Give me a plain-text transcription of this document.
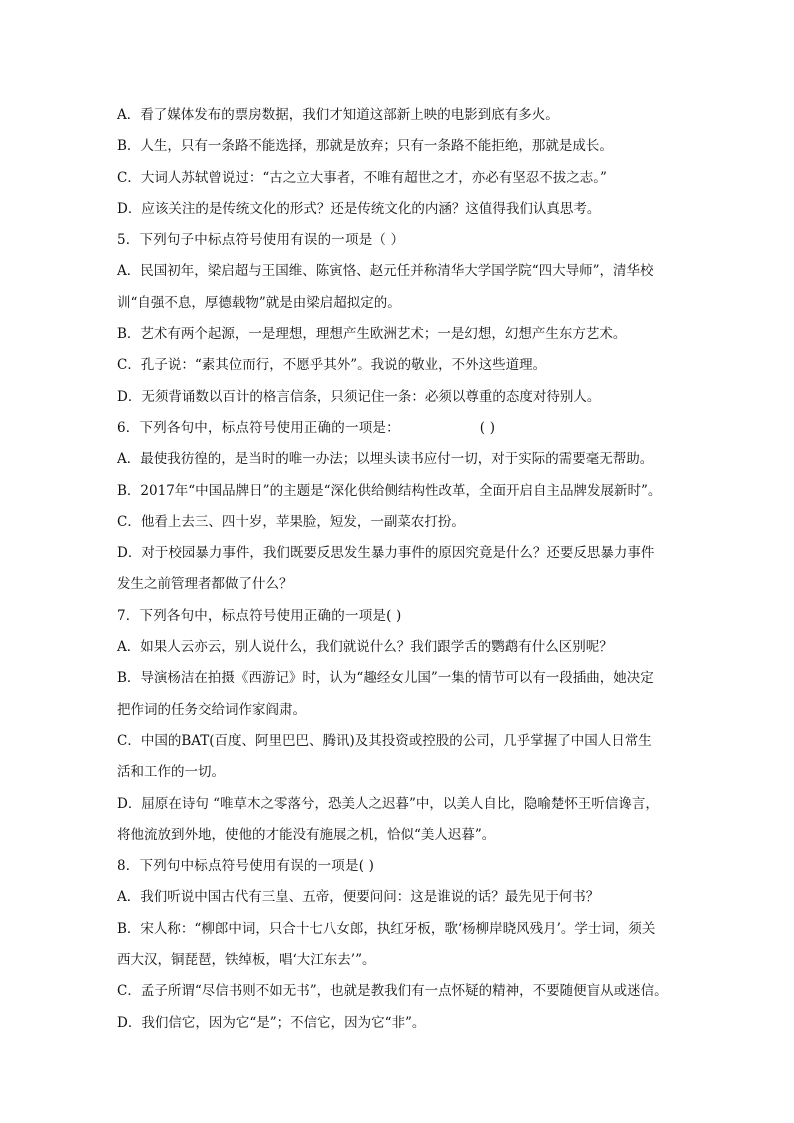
A．看了媒体发布的票房数据，我们才知道这部新上映的电影到底有多火。
B．人生，只有一条路不能选择，那就是放弃；只有一条路不能拒绝，那就是成长。
C．大词人苏轼曾说过：“古之立大事者，不唯有超世之才，亦必有坚忍不拔之志。”
D．应该关注的是传统文化的形式？还是传统文化的内涵？这值得我们认真思考。
5．下列句子中标点符号使用有误的一项是（ ）
A．民国初年，梁启超与王国维、陈寅恪、赵元任并称清华大学国学院“四大导师”，清华校
训“自强不息，厚德载物”就是由梁启超拟定的。
B．艺术有两个起源，一是理想，理想产生欧洲艺术；一是幻想，幻想产生东方艺术。
C．孔子说：“素其位而行，不愿乎其外”。我说的敬业，不外这些道理。
D．无须背诵数以百计的格言信条，只须记住一条：必须以尊重的态度对待别人。
6．下列各句中，标点符号使用正确的一项是：	( )
A．最使我彷徨的，是当时的唯一办法；以埋头读书应付一切，对于实际的需要毫无帮助。
B．2017年“中国品牌日”的主题是“深化供给侧结构性改革，全面开启自主品牌发展新时”。
C．他看上去三、四十岁，苹果脸，短发，一副菜农打扮。
D．对于校园暴力事件，我们既要反思发生暴力事件的原因究竟是什么？还要反思暴力事件
发生之前管理者都做了什么？
7．下列各句中，标点符号使用正确的一项是( )
A．如果人云亦云，别人说什么，我们就说什么？我们跟学舌的鹦鹉有什么区别呢？
B．导演杨洁在拍摄《西游记》时，认为“趣经女儿国”一集的情节可以有一段插曲，她决定
把作词的任务交给词作家阎肃。
C．中国的BAT(百度、阿里巴巴、腾讯)及其投资或控股的公司，几乎掌握了中国人日常生
活和工作的一切。
D．屈原在诗句 “唯草木之零落兮，恐美人之迟暮”中，以美人自比，隐喻楚怀王听信谗言，
将他流放到外地，使他的才能没有施展之机，恰似“美人迟暮”。
8．下列句中标点符号使用有误的一项是( )
A．我们听说中国古代有三皇、五帝，便要问问：这是谁说的话？最先见于何书？
B．宋人称：“柳郎中词，只合十七八女郎，执红牙板，歌‘杨柳岸晓风残月’。学士词，须关
西大汉，铜琵琶，铁绰板，唱‘大江东去’”。
C．孟子所谓“尽信书则不如无书”，也就是教我们有一点怀疑的精神，不要随便盲从或迷信。
D．我们信它，因为它“是”；不信它，因为它“非”。
